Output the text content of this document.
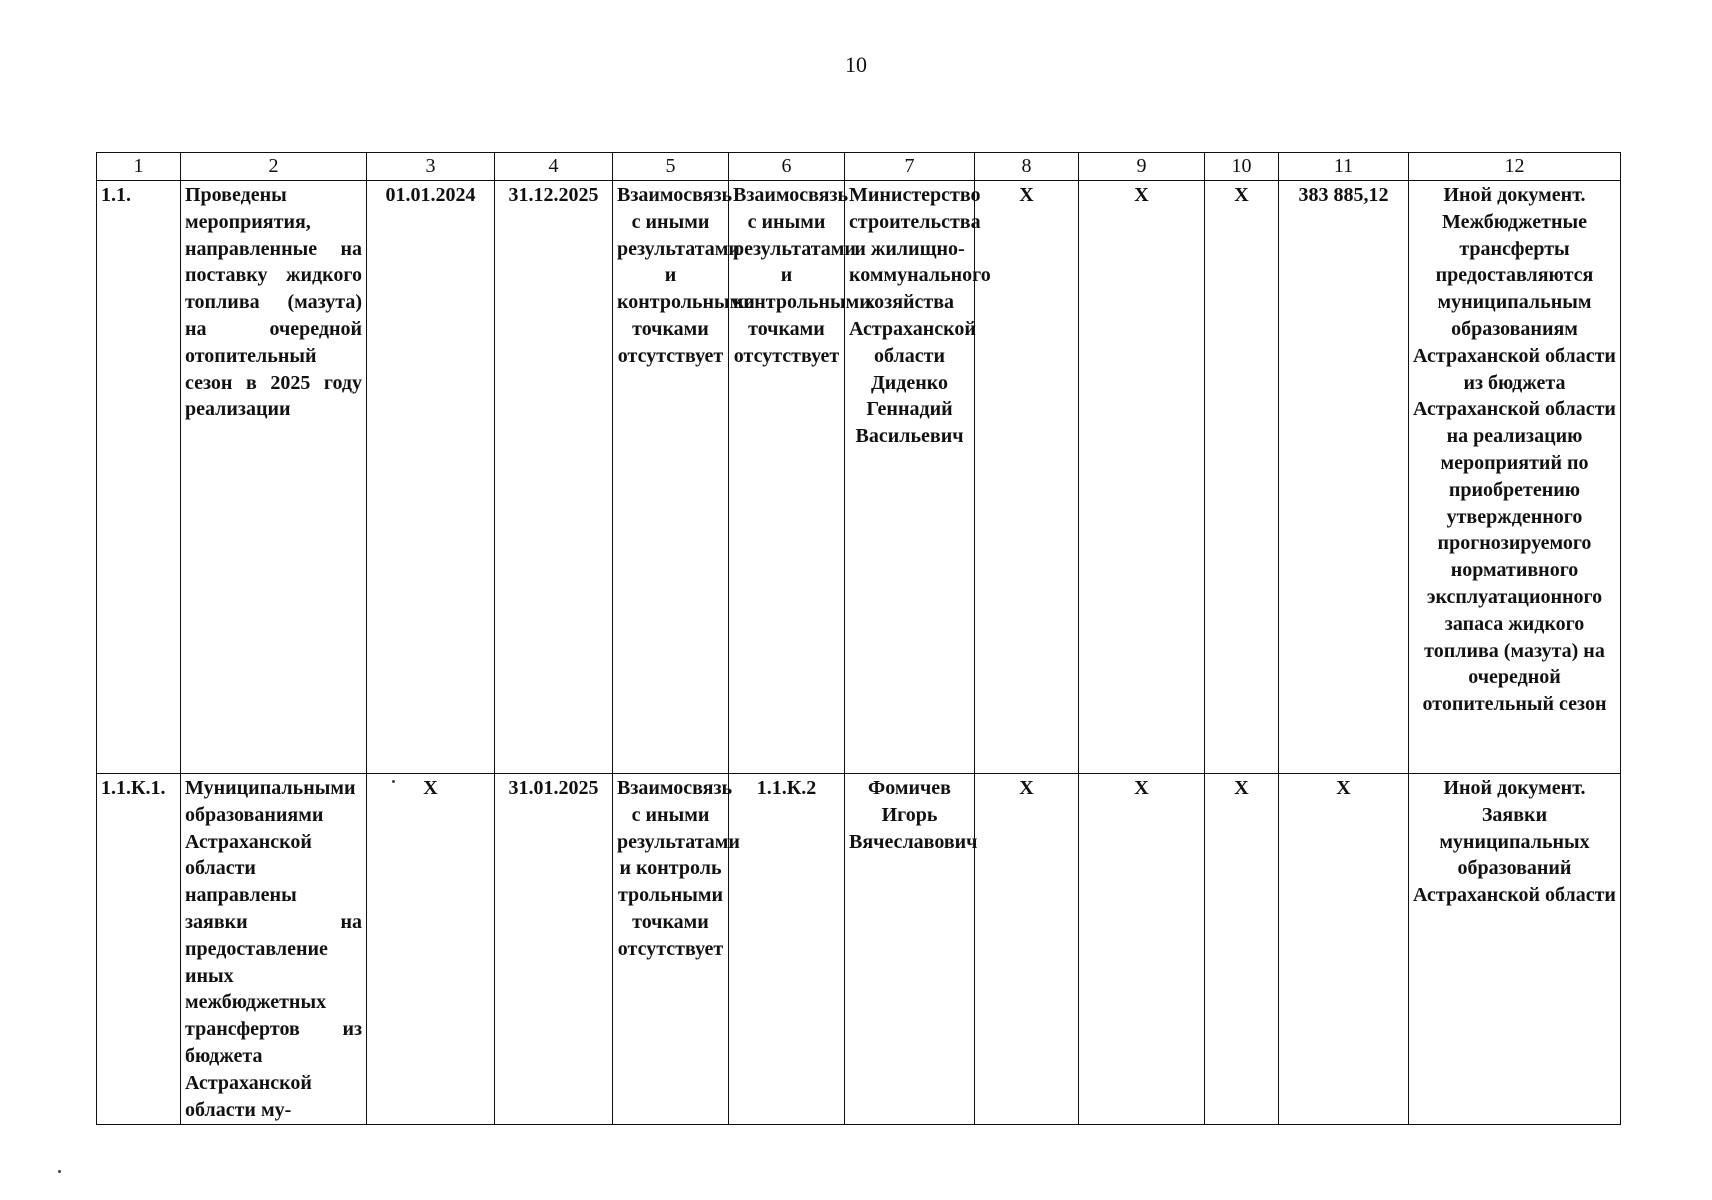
10
1	2	3	4	5	6	7	8	9	10	11	12
1.1.	Проведены мероприятия, направленные на поставку жидкого топлива (мазута) на очередной отопительный сезон в 2025 году реализации	01.01.2024	31.12.2025	Взаимосвязь с иными результатами и контрольными точками отсутствует	Взаимосвязь с иными результатами и контрольными точками отсутствует	Министерство строительства и жилищно-коммунального хозяйства Астраханской области Диденко Геннадий Васильевич	X	X	X	383 885,12	Иной документ. Межбюджетные трансферты предоставляются муниципальным образованиям Астраханской области из бюджета Астраханской области на реализацию мероприятий по приобретению утвержденного прогнозируемого нормативного эксплуатационного запаса жидкого топлива (мазута) на очередной отопительный сезон
1.1.К.1.	Муниципальными образованиями Астраханской области направлены заявки на предоставление иных межбюджетных трансфертов из бюджета Астраханской области му-	X	31.01.2025	Взаимосвязь с иными результатами и контроль трольными точками отсутствует	1.1.К.2	Фомичев Игорь Вячеславович	X	X	X	X	Иной документ. Заявки муниципальных образований Астраханской области
